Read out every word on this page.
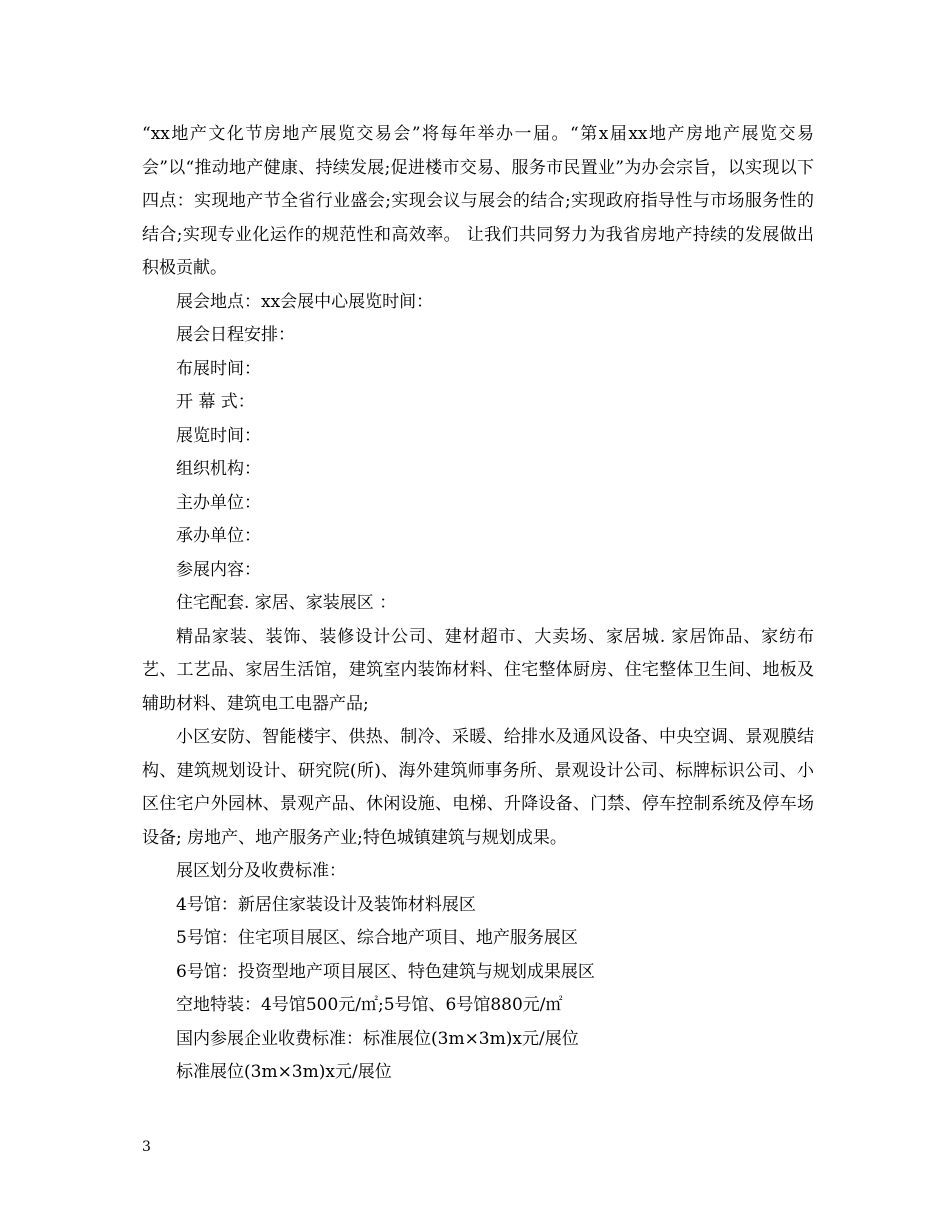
“xx地产文化节房地产展览交易会”将每年举办一届。“第x届xx地产房地产展览交易会”以“推动地产健康、持续发展;促进楼市交易、服务市民置业”为办会宗旨，以实现以下四点：实现地产节全省行业盛会;实现会议与展会的结合;实现政府指导性与市场服务性的结合;实现专业化运作的规范性和高效率。 让我们共同努力为我省房地产持续的发展做出积极贡献。

展会地点：xx会展中心展览时间：

展会日程安排：

布展时间：

开 幕 式：

展览时间：

组织机构：

主办单位：

承办单位：

参展内容：

住宅配套. 家居、家装展区 ：

精品家装、装饰、装修设计公司、建材超市、大卖场、家居城. 家居饰品、家纺布艺、工艺品、家居生活馆，建筑室内装饰材料、住宅整体厨房、住宅整体卫生间、地板及辅助材料、建筑电工电器产品;

小区安防、智能楼宇、供热、制冷、采暖、给排水及通风设备、中央空调、景观膜结构、建筑规划设计、研究院(所)、海外建筑师事务所、景观设计公司、标牌标识公司、小区住宅户外园林、景观产品、休闲设施、电梯、升降设备、门禁、停车控制系统及停车场设备; 房地产、地产服务产业;特色城镇建筑与规划成果。

展区划分及收费标准：

4号馆：新居住家装设计及装饰材料展区

5号馆：住宅项目展区、综合地产项目、地产服务展区

6号馆：投资型地产项目展区、特色建筑与规划成果展区

空地特装：4号馆500元/㎡;5号馆、6号馆880元/㎡

国内参展企业收费标准：标准展位(3m×3m)x元/展位

标准展位(3m×3m)x元/展位

3
